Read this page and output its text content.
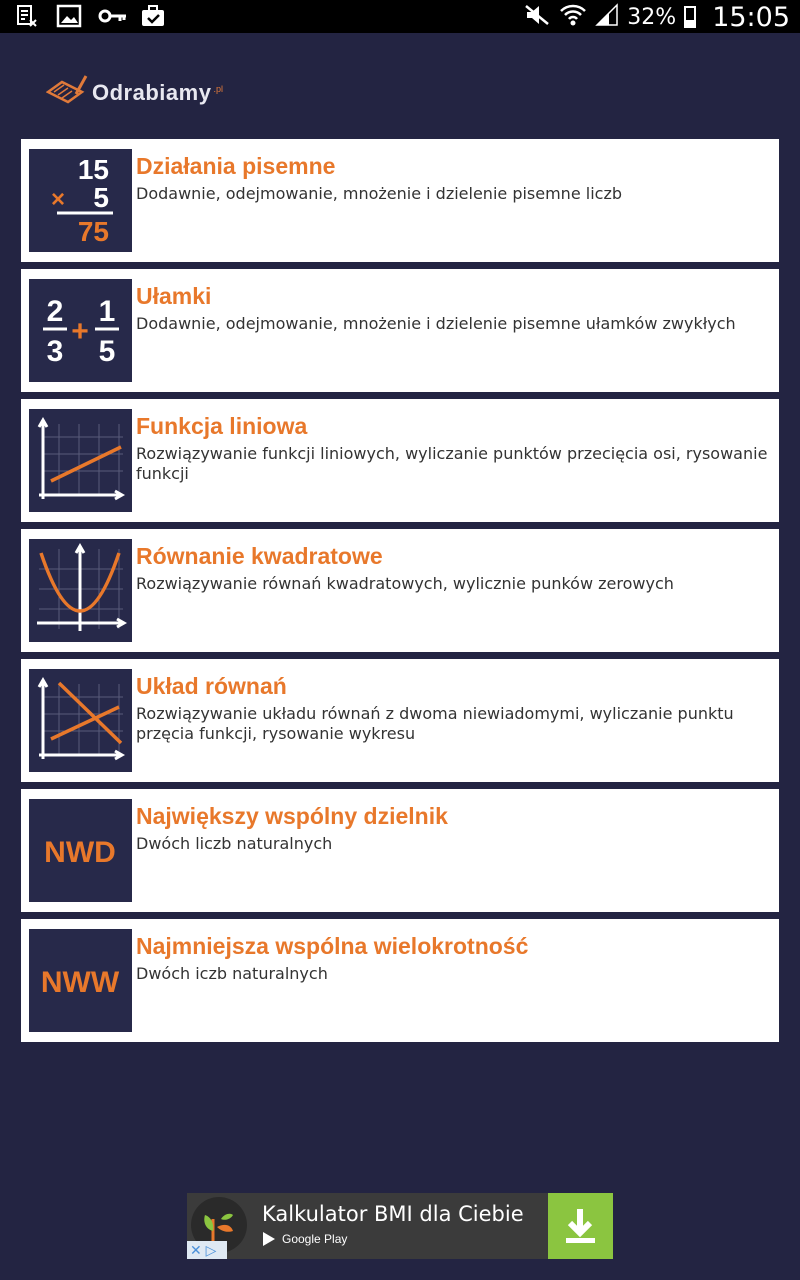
32% 15:05
Odrabiamy .pl
15
× 5
75
Działania pisemne
Dodawnie, odejmowanie, mnożenie i dzielenie pisemne liczb
2
3
+
1
5
Ułamki
Dodawnie, odejmowanie, mnożenie i dzielenie pisemne ułamków zwykłych
Funkcja liniowa
Rozwiązywanie funkcji liniowych, wyliczanie punktów przecięcia osi, rysowanie funkcji
Równanie kwadratowe
Rozwiązywanie równań kwadratowych, wylicznie punków zerowych
Układ równań
Rozwiązywanie układu równań z dwoma niewiadomymi, wyliczanie punktu przęcia funkcji, rysowanie wykresu
NWD
Największy wspólny dzielnik
Dwóch liczb naturalnych
NWW
Najmniejsza wspólna wielokrotność
Dwóch iczb naturalnych
Kalkulator BMI dla Ciebie
Google Play
✕ ▷
